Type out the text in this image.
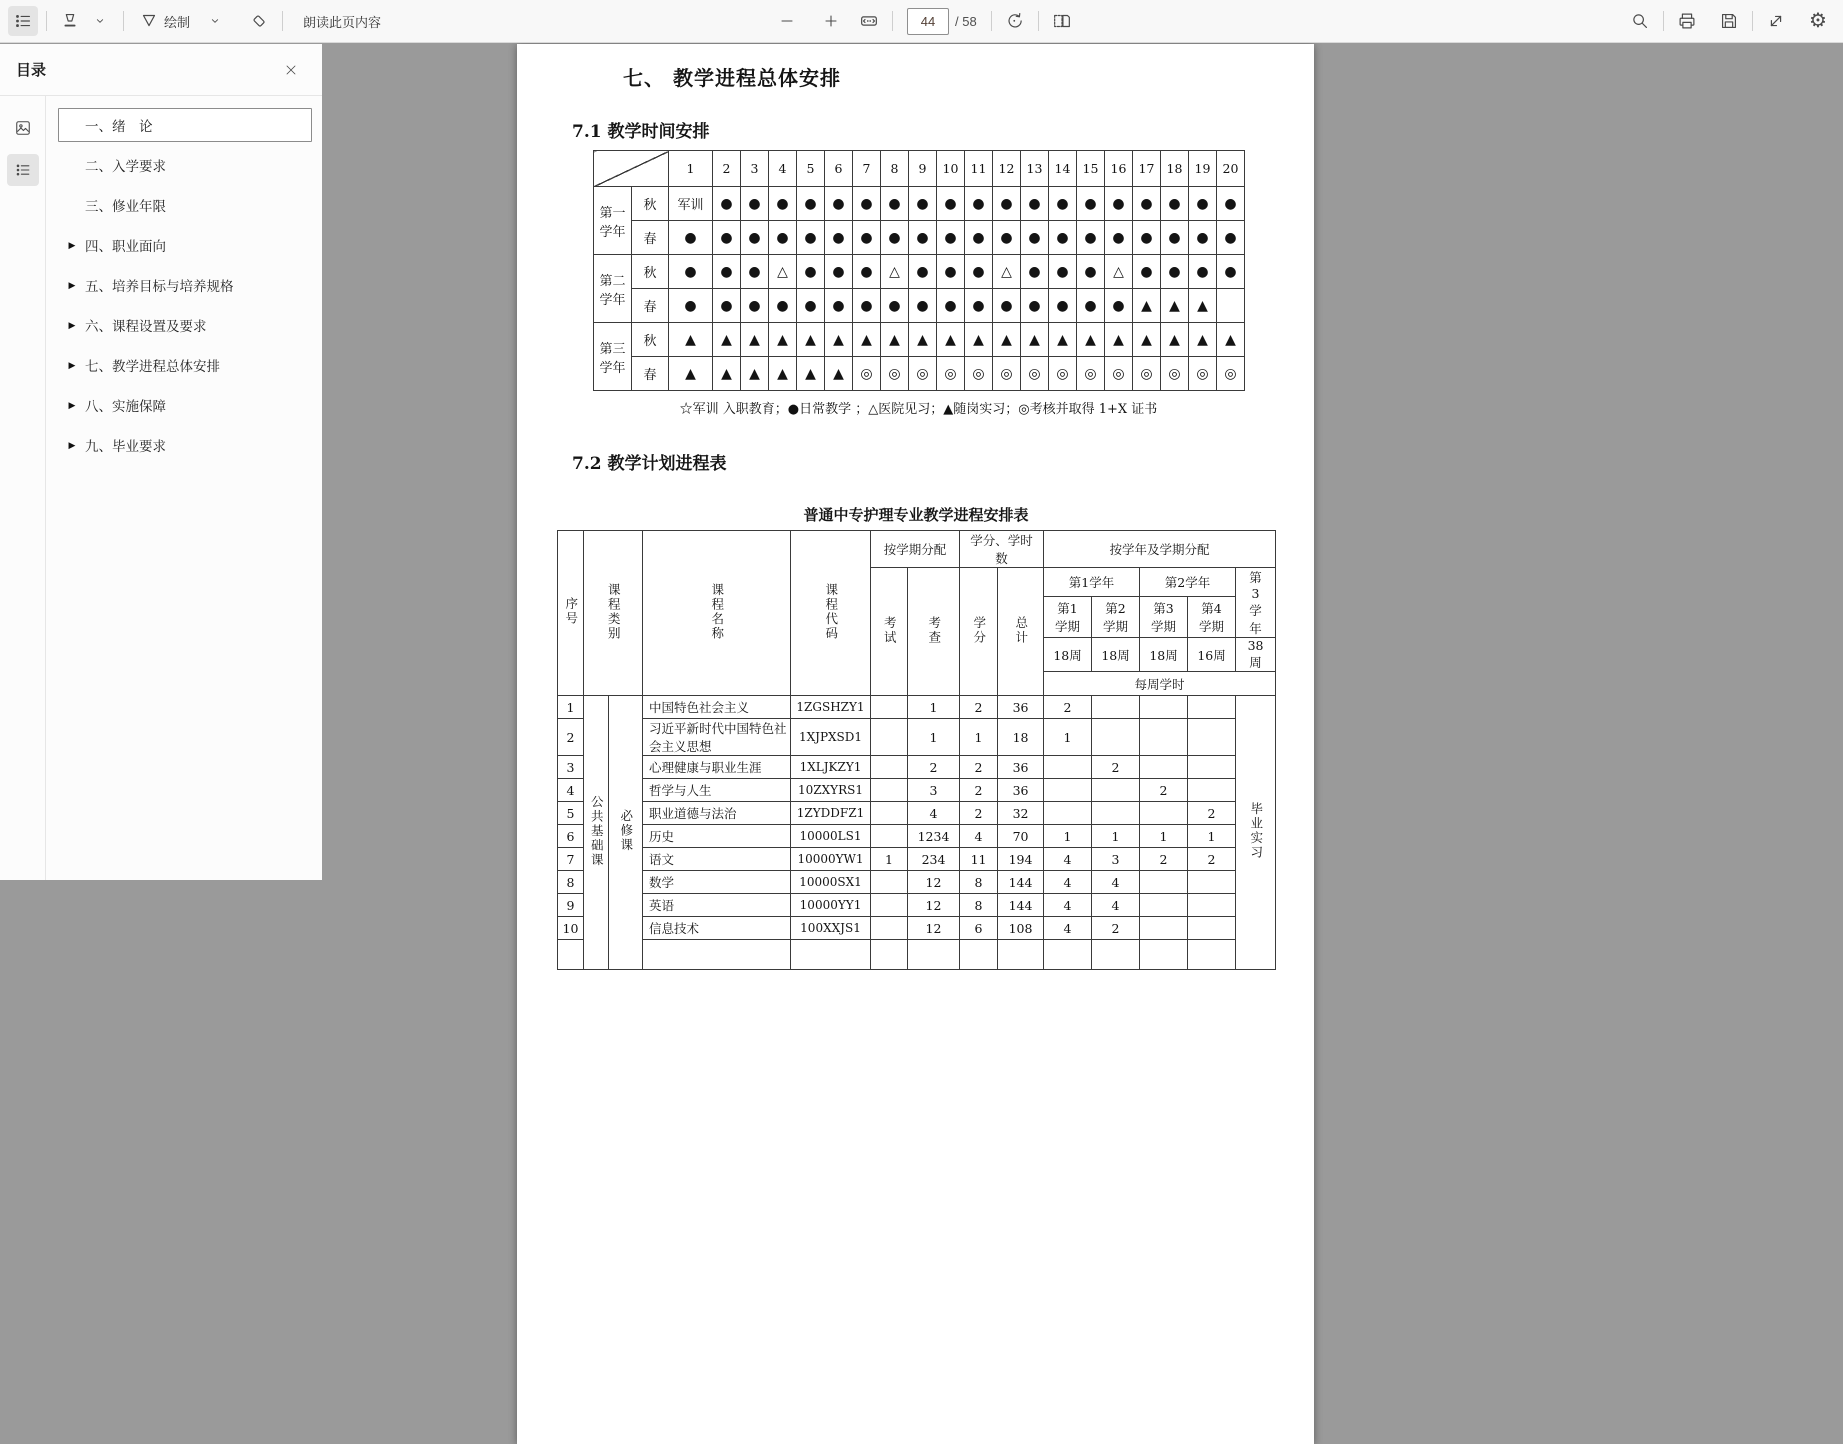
绘制	朗读此页内容
44	/ 58	⚙
目录
一、绪　论
二、入学要求
三、修业年限
▶ 四、职业面向
▶ 五、培养目标与培养规格
▶ 六、课程设置及要求
▶ 七、教学进程总体安排
▶ 八、实施保障
▶ 九、毕业要求
七、 教学进程总体安排
7.1 教学时间安排
		1	2	3	4	5	6	7	8	9	10	11	12	13	14	15	16	17	18	19	20
第一学年	秋	军训	●	●	●	●	●	●	●	●	●	●	●	●	●	●	●	●	●	●	●
	春	●	●	●	●	●	●	●	●	●	●	●	●	●	●	●	●	●	●	●	●
第二学年	秋	●	●	●	△	●	●	●	△	●	●	●	△	●	●	●	△	●	●	●	●
	春	●	●	●	●	●	●	●	●	●	●	●	●	●	●	●	●	▲	▲	▲	
第三学年	秋	▲	▲	▲	▲	▲	▲	▲	▲	▲	▲	▲	▲	▲	▲	▲	▲	▲	▲	▲	▲
	春	▲	▲	▲	▲	▲	▲	◎	◎	◎	◎	◎	◎	◎	◎	◎	◎	◎	◎	◎	◎
☆军训 入职教育；●日常教学 ；△医院见习；▲随岗实习；◎考核并取得 1+X 证书
7.2 教学计划进程表
普通中专护理专业教学进程安排表
序号	课程类别		课程名称	课程代码	按学期分配		学分、学时数		按学年及学期分配				
					考试	考查	学分	总计	第1学年		第2学年		第3学年
									第1学期	第2学期	第3学期	第4学期	
									18周	18周	18周	16周	38周
									每周学时				
1	公共基础课	必修课	中国特色社会主义	1ZGSHZY1		1	2	36	2				毕业实习
2			习近平新时代中国特色社会主义思想	1XJPXSD1		1	1	18	1				
3			心理健康与职业生涯	1XLJKZY1		2	2	36		2			
4			哲学与人生	10ZXYRS1		3	2	36			2		
5			职业道德与法治	1ZYDDFZ1		4	2	32				2	
6			历史	10000LS1		1234	4	70	1	1	1	1	
7			语文	10000YW1	1	234	11	194	4	3	2	2	
8			数学	10000SX1		12	8	144	4	4			
9			英语	10000YY1		12	8	144	4	4			
10			信息技术	100XXJS1		12	6	108	4	2			
